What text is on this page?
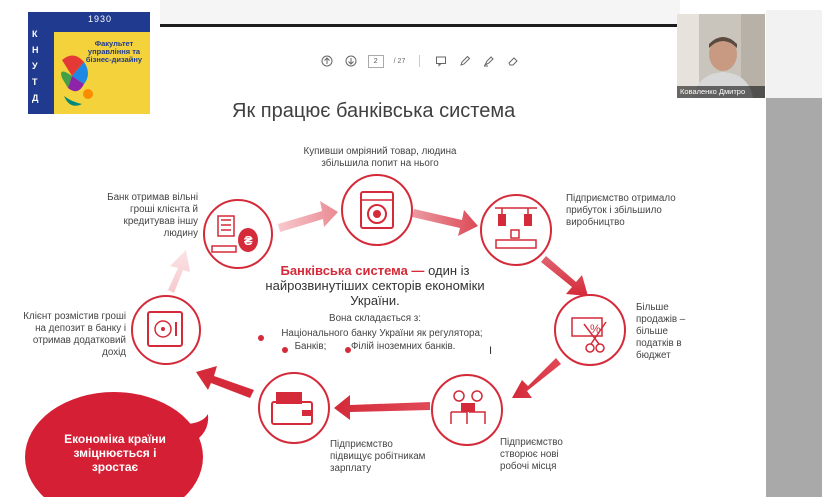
2	/ 27
1930
К
Н
У
Т
Д
Факультет управління та бізнес-дизайну
Коваленко Дмитро
Як працює банківська система
₴
%
Купивши омріяний товар, людина збільшила попит на нього
Підприємство отримало прибуток і збільшило виробництво
Більше продажів – більше податків в бюджет
Підприємство створює нові робочі місця
Підприємство підвищує робітникам зарплату
Клієнт розмістив гроші на депозит в банку і отримав додатковий дохід
Банк отримав вільні гроші клієнта й кредитував іншу людину
Банківська система — один із найрозвинутіших секторів економіки України.
Вона складається з:
Національного банку України як регулятора;
Банків;	Філій іноземних банків.	I
Економіка країни зміцнюється і зростає
